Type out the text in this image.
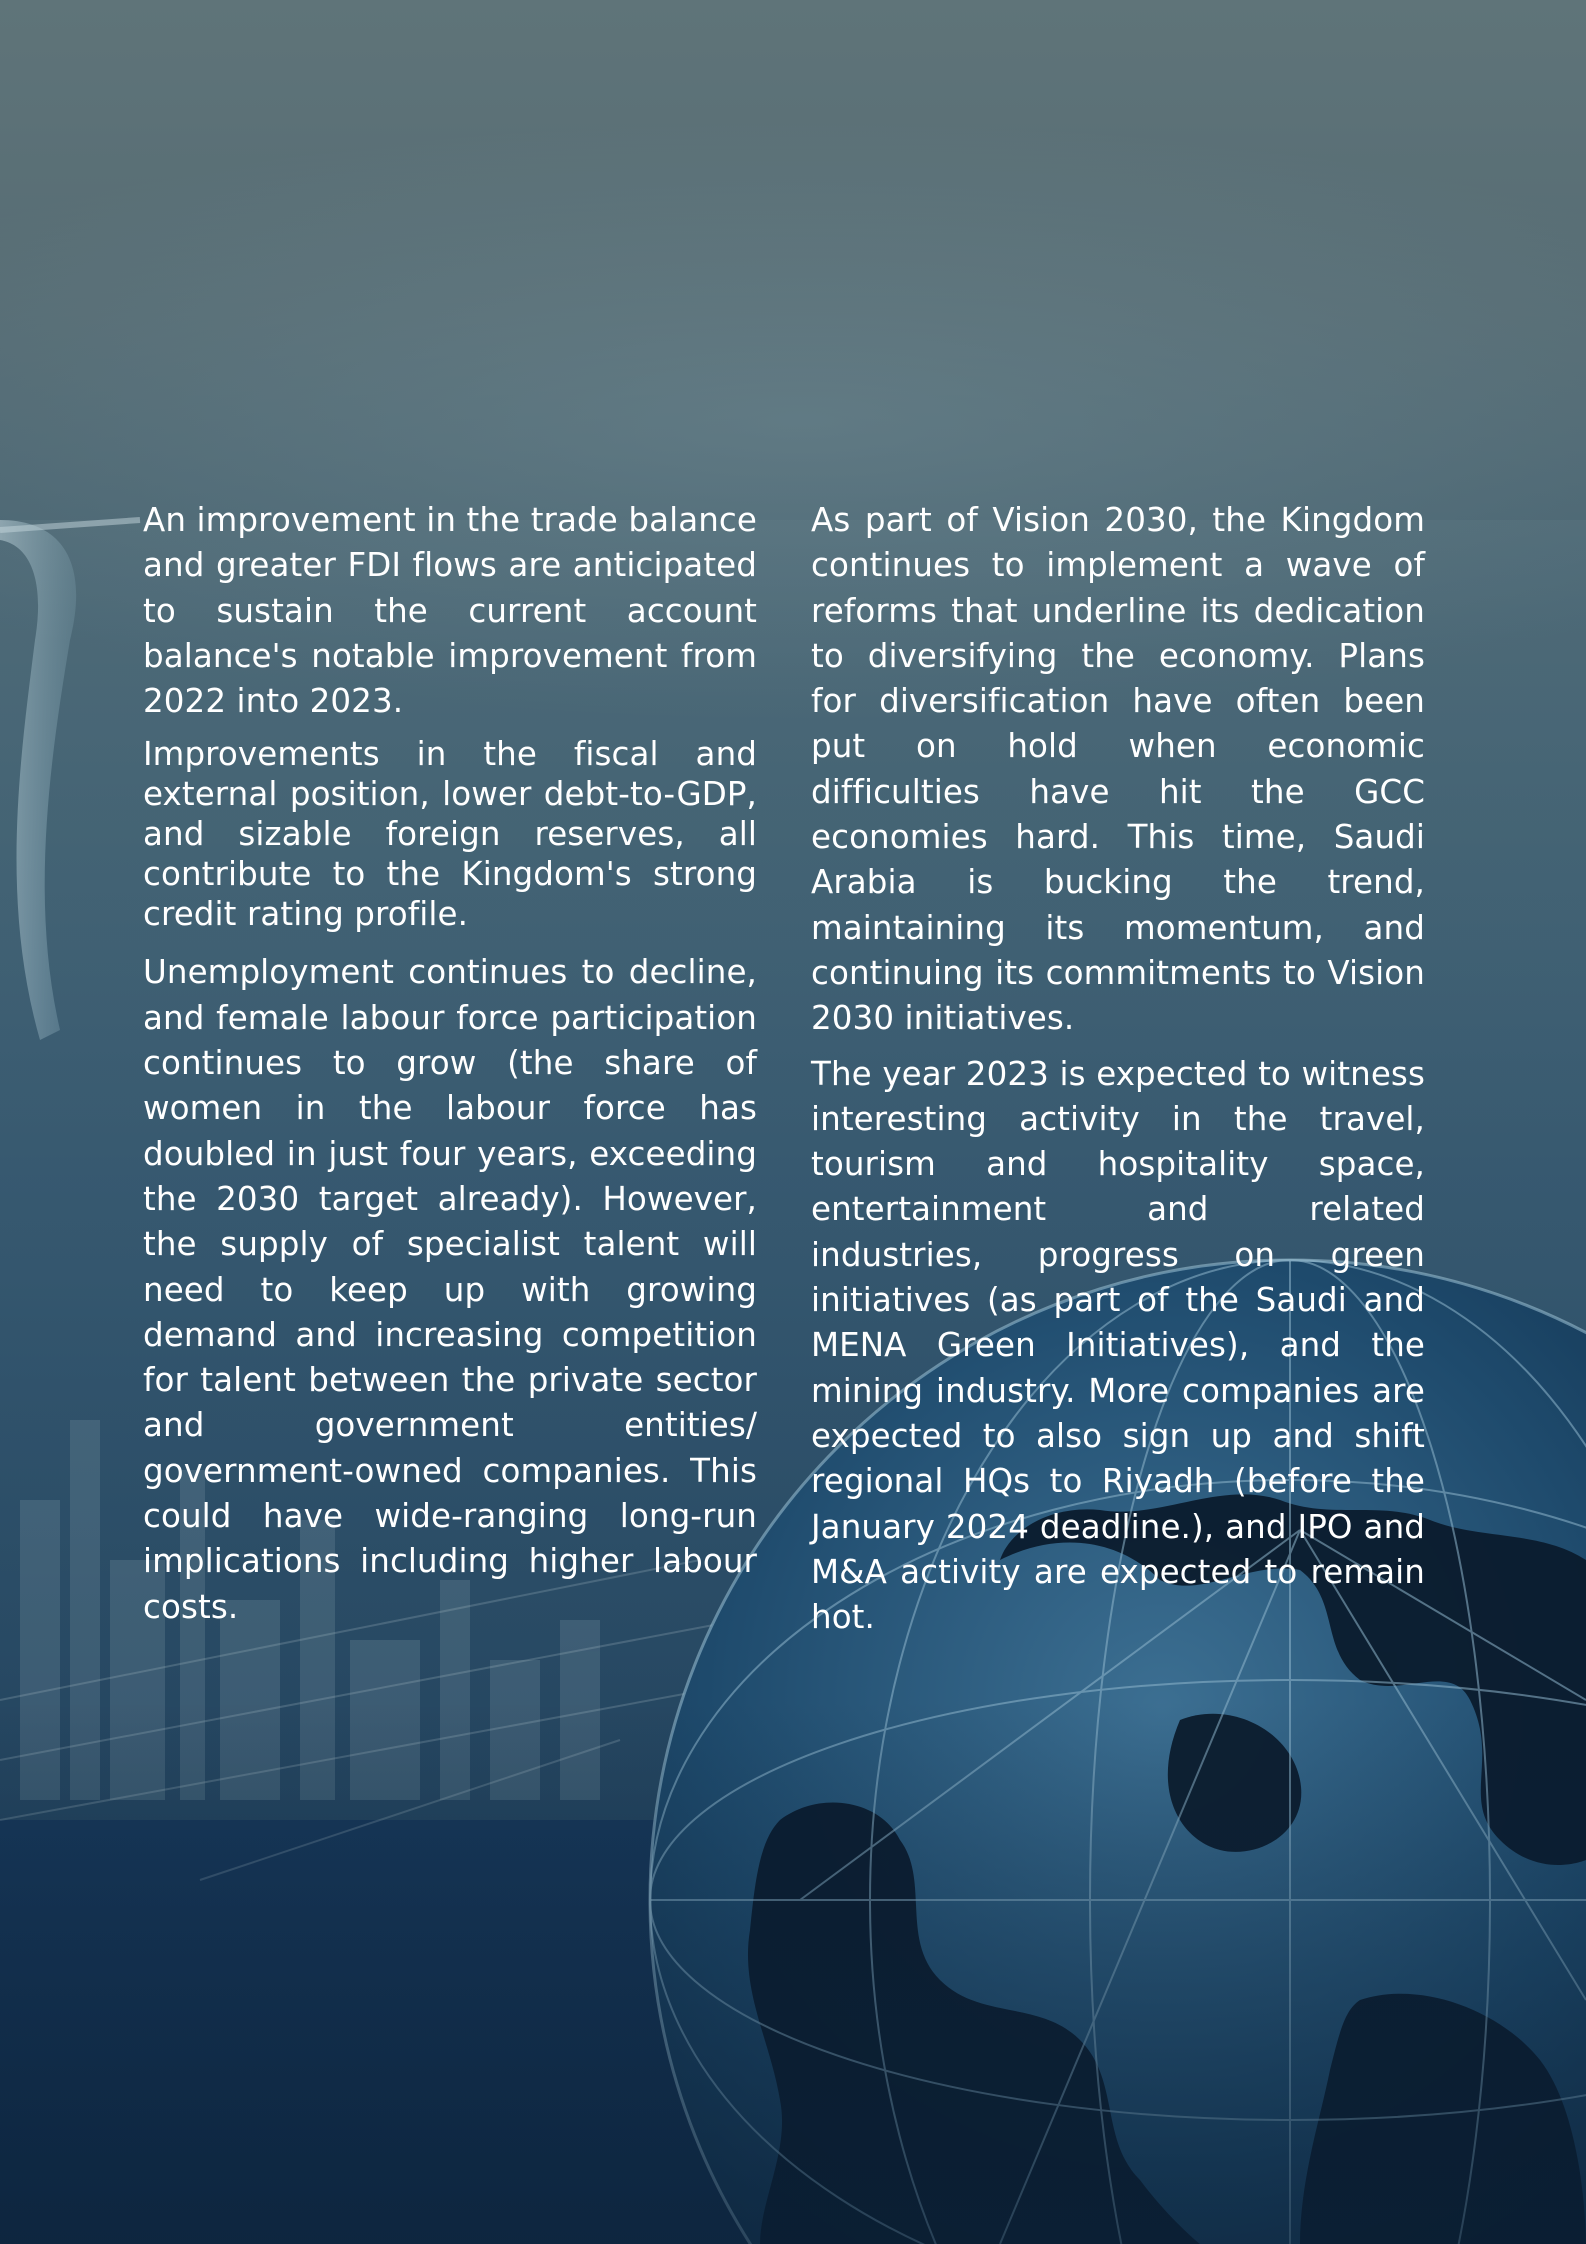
An improvement in the trade balance and greater FDI flows are anticipated to sustain the current account balance's notable improvement from 2022 into 2023.

Improvements in the fiscal and external position, lower debt-to-GDP, and sizable foreign reserves, all contribute to the Kingdom's strong credit rating profile.

Unemployment continues to decline, and female labour force participation continues to grow (the share of women in the labour force has doubled in just four years, exceeding the 2030 target already). However, the supply of specialist talent will need to keep up with growing demand and increasing competition for talent between the private sector and government entities/ government-owned companies. This could have wide-ranging long-run implications including higher labour costs.

As part of Vision 2030, the Kingdom continues to implement a wave of reforms that underline its dedication to diversifying the economy. Plans for diversification have often been put on hold when economic difficulties have hit the GCC economies hard. This time, Saudi Arabia is bucking the trend, maintaining its momentum, and continuing its commitments to Vision 2030 initiatives.

The year 2023 is expected to witness interesting activity in the travel, tourism and hospitality space, entertainment and related industries, progress on green initiatives (as part of the Saudi and MENA Green Initiatives), and the mining industry. More companies are expected to also sign up and shift regional HQs to Riyadh (before the January 2024 deadline.), and IPO and M&A activity are expected to remain hot.
